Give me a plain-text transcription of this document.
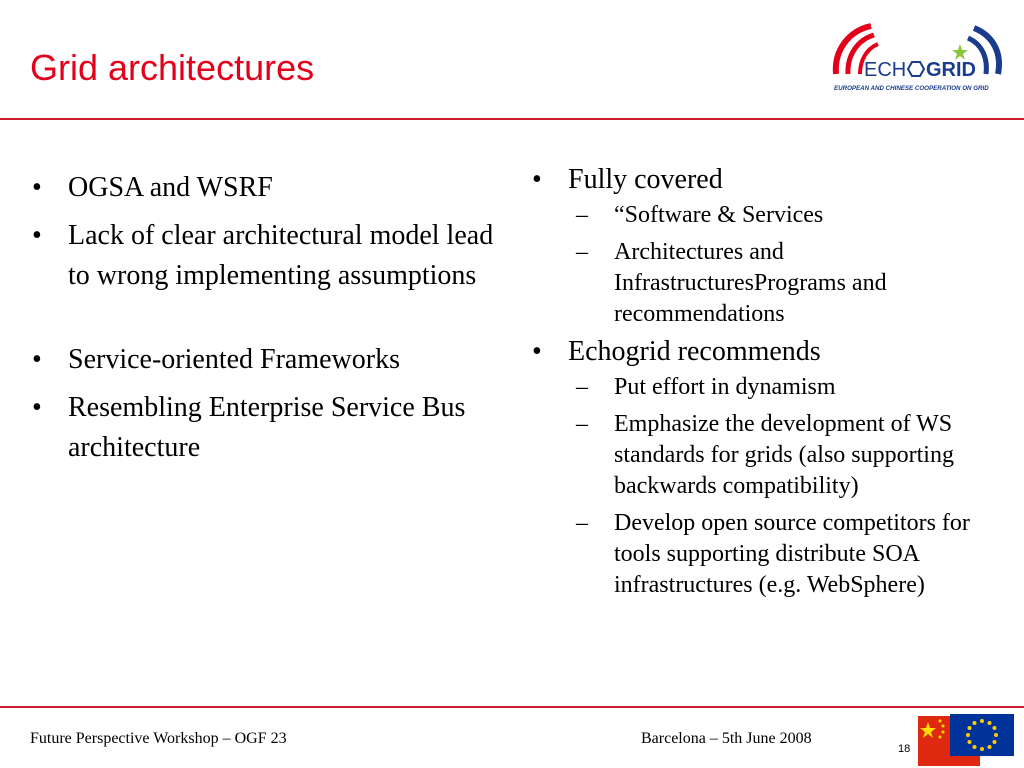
Grid architectures	ECH GRID
EUROPEAN AND CHINESE COOPERATION ON GRID
• OGSA and WSRF
• Lack of clear architectural model lead to wrong implementing assumptions
• Service-oriented Frameworks
• Resembling Enterprise Service Bus architecture
• Fully covered
–	“Software & Services
–	Architectures and InfrastructuresPrograms and recommendations
• Echogrid recommends
–	Put effort in dynamism
–	Emphasize the development of WS standards for grids (also supporting backwards compatibility)
–	Develop open source competitors for tools supporting distribute SOA infrastructures (e.g. WebSphere)
Future Perspective Workshop – OGF 23	Barcelona – 5th June 2008
18
